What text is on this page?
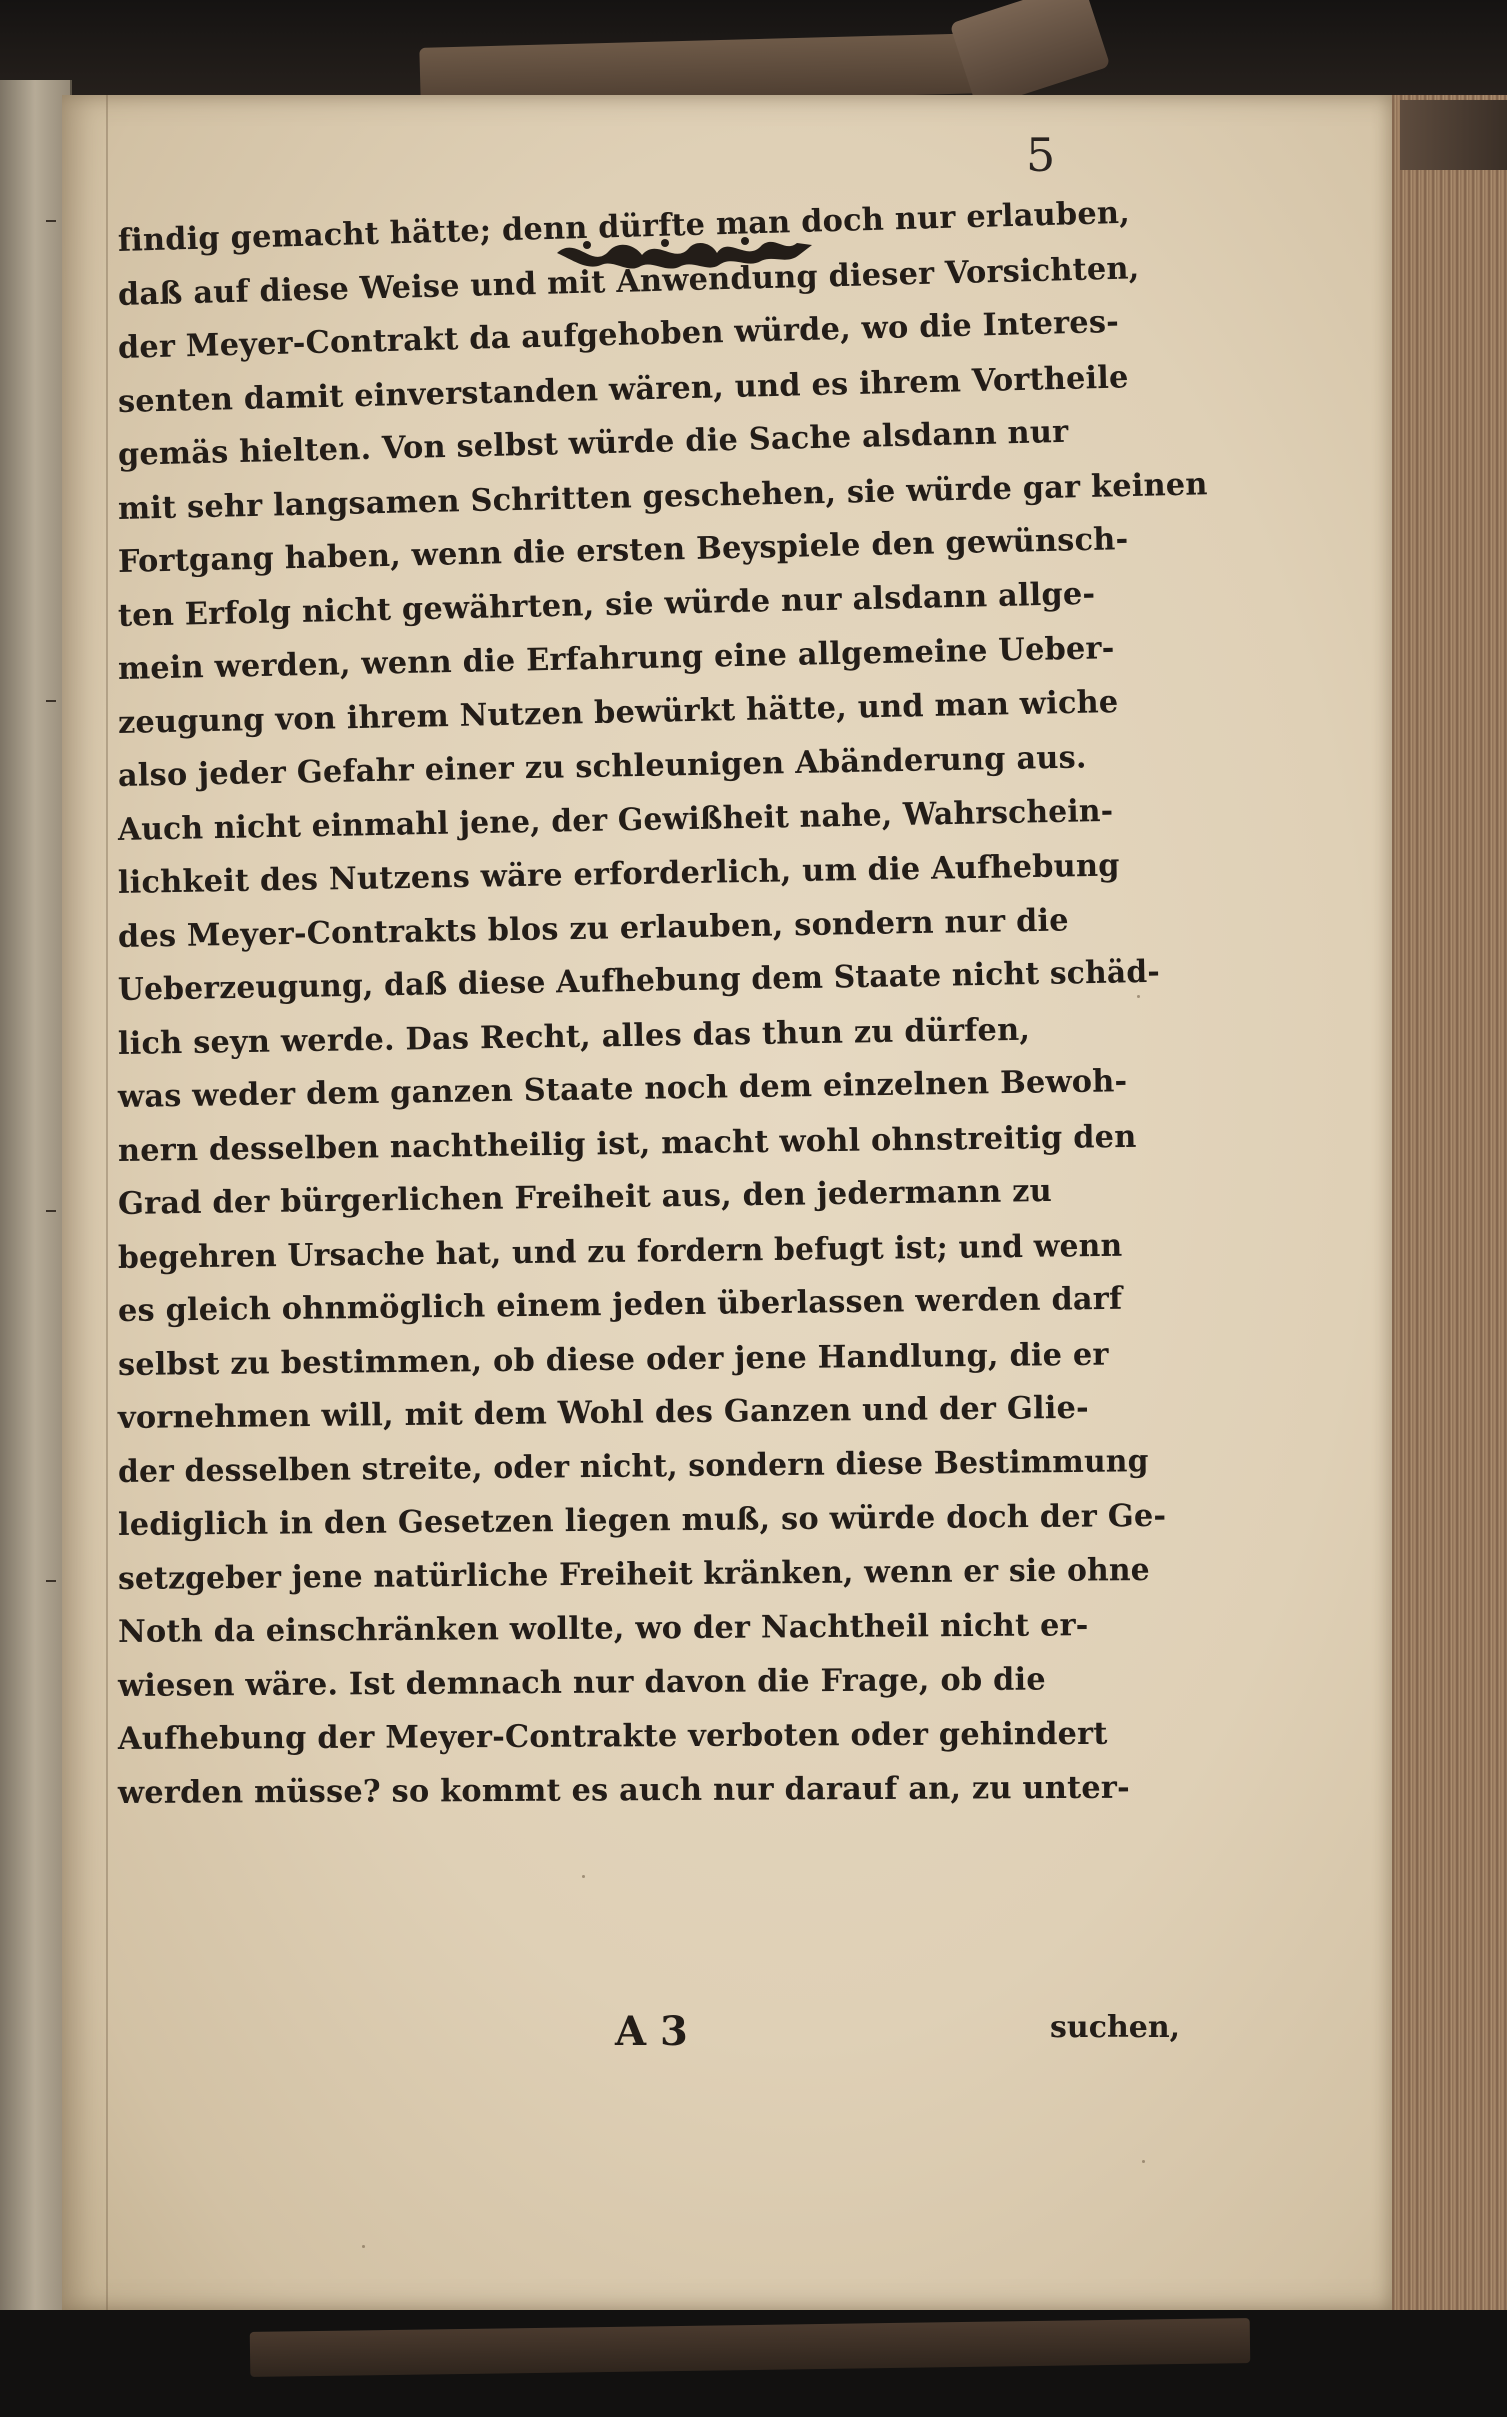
5
findig gemacht hätte; denn dürfte man doch nur erlauben,
daß auf diese Weise und mit Anwendung dieser Vorsichten,
der Meyer-Contrakt da aufgehoben würde, wo die Interes-
senten damit einverstanden wären, und es ihrem Vortheile
gemäs hielten. Von selbst würde die Sache alsdann nur
mit sehr langsamen Schritten geschehen, sie würde gar keinen
Fortgang haben, wenn die ersten Beyspiele den gewünsch-
ten Erfolg nicht gewährten, sie würde nur alsdann allge-
mein werden, wenn die Erfahrung eine allgemeine Ueber-
zeugung von ihrem Nutzen bewürkt hätte, und man wiche
also jeder Gefahr einer zu schleunigen Abänderung aus.
Auch nicht einmahl jene, der Gewißheit nahe, Wahrschein-
lichkeit des Nutzens wäre erforderlich, um die Aufhebung
des Meyer-Contrakts blos zu erlauben, sondern nur die
Ueberzeugung, daß diese Aufhebung dem Staate nicht schäd-
lich seyn werde. Das Recht, alles das thun zu dürfen,
was weder dem ganzen Staate noch dem einzelnen Bewoh-
nern desselben nachtheilig ist, macht wohl ohnstreitig den
Grad der bürgerlichen Freiheit aus, den jedermann zu
begehren Ursache hat, und zu fordern befugt ist; und wenn
es gleich ohnmöglich einem jeden überlassen werden darf
selbst zu bestimmen, ob diese oder jene Handlung, die er
vornehmen will, mit dem Wohl des Ganzen und der Glie-
der desselben streite, oder nicht, sondern diese Bestimmung
lediglich in den Gesetzen liegen muß, so würde doch der Ge-
setzgeber jene natürliche Freiheit kränken, wenn er sie ohne
Noth da einschränken wollte, wo der Nachtheil nicht er-
wiesen wäre. Ist demnach nur davon die Frage, ob die
Aufhebung der Meyer-Contrakte verboten oder gehindert
werden müsse? so kommt es auch nur darauf an, zu unter-
A 3	suchen,
